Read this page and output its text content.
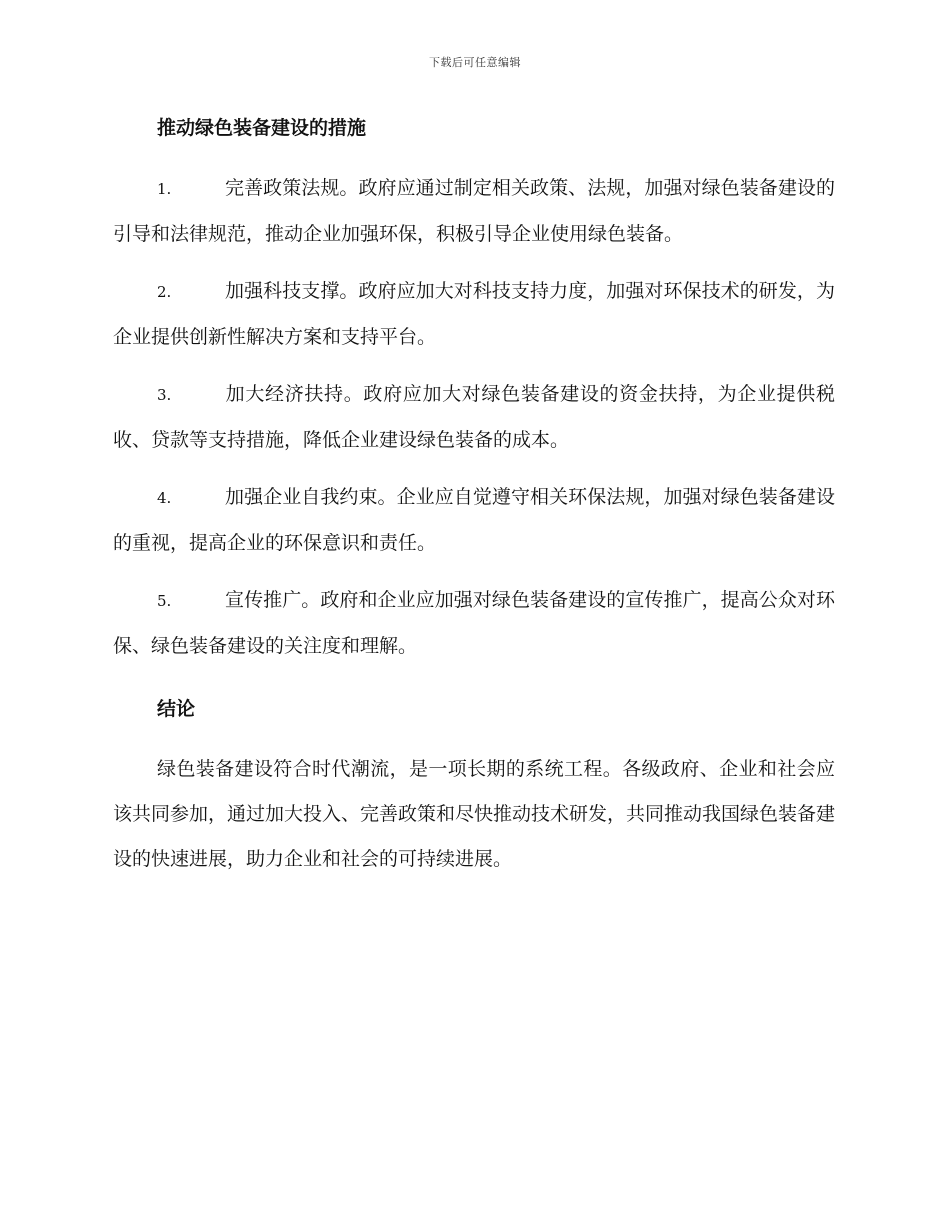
下载后可任意编辑
推动绿色装备建设的措施
1.	完善政策法规。政府应通过制定相关政策、法规，加强对绿色装备建设的引导和法律规范，推动企业加强环保，积极引导企业使用绿色装备。
2.	加强科技支撑。政府应加大对科技支持力度，加强对环保技术的研发，为企业提供创新性解决方案和支持平台。
3.	加大经济扶持。政府应加大对绿色装备建设的资金扶持，为企业提供税收、贷款等支持措施，降低企业建设绿色装备的成本。
4.	加强企业自我约束。企业应自觉遵守相关环保法规，加强对绿色装备建设的重视，提高企业的环保意识和责任。
5.	宣传推广。政府和企业应加强对绿色装备建设的宣传推广，提高公众对环保、绿色装备建设的关注度和理解。
结论

绿色装备建设符合时代潮流，是一项长期的系统工程。各级政府、企业和社会应该共同参加，通过加大投入、完善政策和尽快推动技术研发，共同推动我国绿色装备建设的快速进展，助力企业和社会的可持续进展。
